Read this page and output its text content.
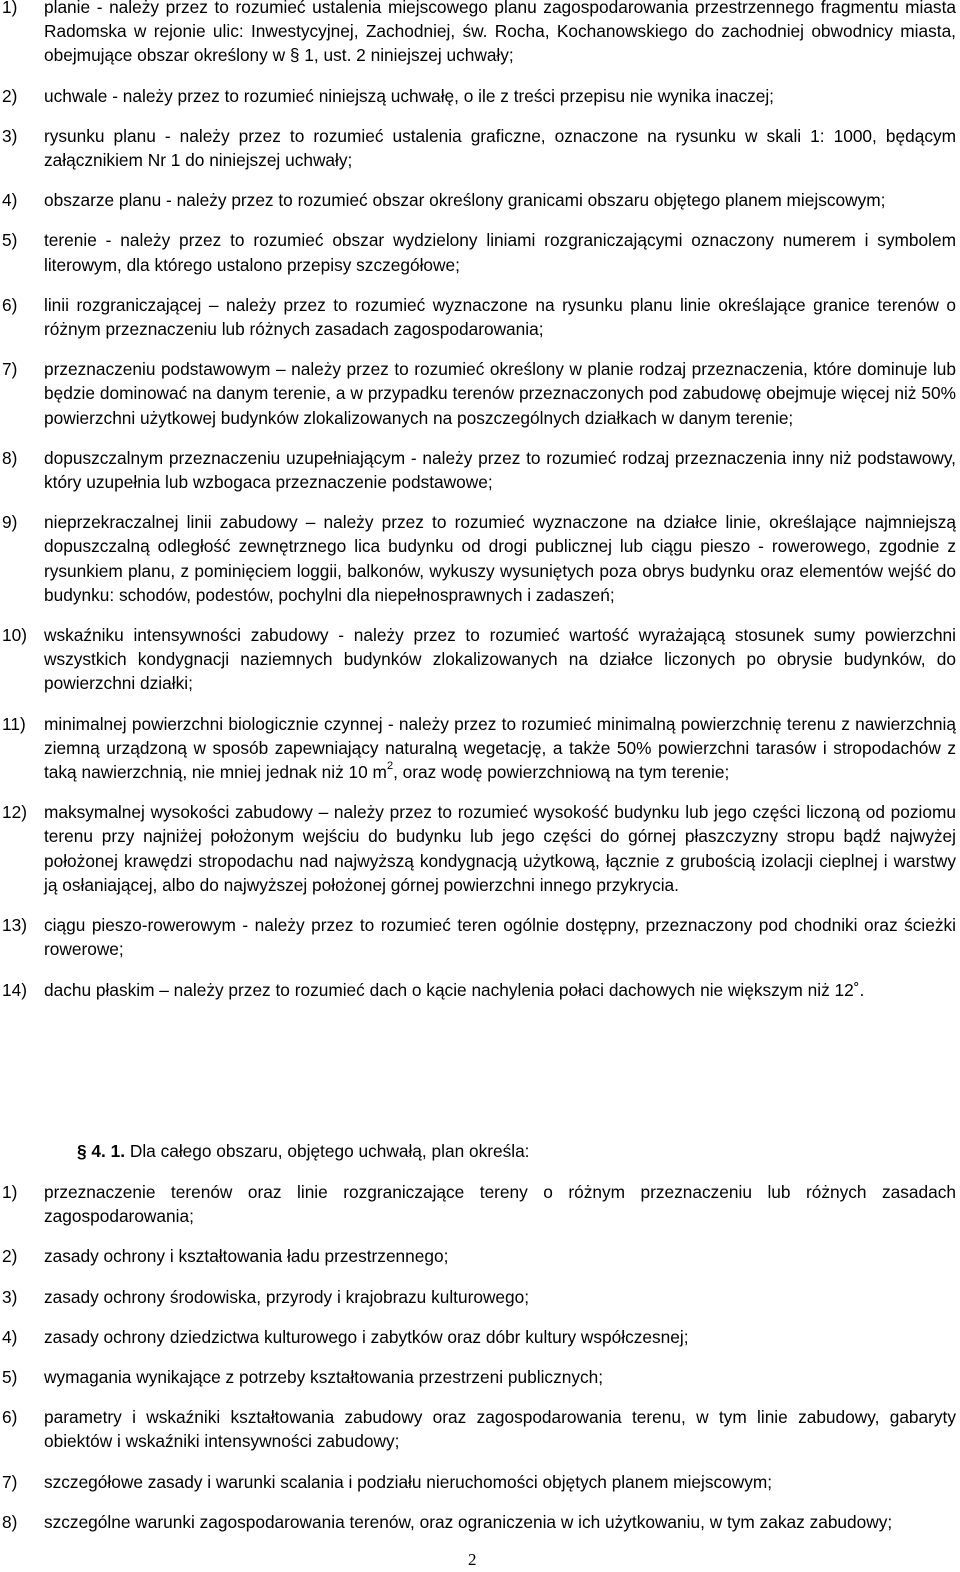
1) planie - należy przez to rozumieć ustalenia miejscowego planu zagospodarowania przestrzennego fragmentu miasta Radomska w rejonie ulic: Inwestycyjnej, Zachodniej, św. Rocha, Kochanowskiego do zachodniej obwodnicy miasta, obejmujące obszar określony w § 1, ust. 2 niniejszej uchwały;
2) uchwale - należy przez to rozumieć niniejszą uchwałę, o ile z treści przepisu nie wynika inaczej;
3) rysunku planu - należy przez to rozumieć ustalenia graficzne, oznaczone na rysunku w skali 1: 1000, będącym załącznikiem Nr 1 do niniejszej uchwały;
4) obszarze planu - należy przez to rozumieć obszar określony granicami obszaru objętego planem miejscowym;
5) terenie - należy przez to rozumieć obszar wydzielony liniami rozgraniczającymi oznaczony numerem i symbolem literowym, dla którego ustalono przepisy szczegółowe;
6) linii rozgraniczającej – należy przez to rozumieć wyznaczone na rysunku planu linie określające granice terenów o różnym przeznaczeniu lub różnych zasadach zagospodarowania;
7) przeznaczeniu podstawowym – należy przez to rozumieć określony w planie rodzaj przeznaczenia, które dominuje lub będzie dominować na danym terenie, a w przypadku terenów przeznaczonych pod zabudowę obejmuje więcej niż 50% powierzchni użytkowej budynków zlokalizowanych na poszczególnych działkach w danym terenie;
8) dopuszczalnym przeznaczeniu uzupełniającym - należy przez to rozumieć rodzaj przeznaczenia inny niż podstawowy, który uzupełnia lub wzbogaca przeznaczenie podstawowe;
9) nieprzekraczalnej linii zabudowy – należy przez to rozumieć wyznaczone na działce linie, określające najmniejszą dopuszczalną odległość zewnętrznego lica budynku od drogi publicznej lub ciągu pieszo - rowerowego, zgodnie z rysunkiem planu, z pominięciem loggii, balkonów, wykuszy wysuniętych poza obrys budynku oraz elementów wejść do budynku: schodów, podestów, pochylni dla niepełnosprawnych i zadaszeń;
10) wskaźniku intensywności zabudowy - należy przez to rozumieć wartość wyrażającą stosunek sumy powierzchni wszystkich kondygnacji naziemnych budynków zlokalizowanych na działce liczonych po obrysie budynków, do powierzchni działki;
11) minimalnej powierzchni biologicznie czynnej - należy przez to rozumieć minimalną powierzchnię terenu z nawierzchnią ziemną urządzoną w sposób zapewniający naturalną wegetację, a także 50% powierzchni tarasów i stropodachów z taką nawierzchnią, nie mniej jednak niż 10 $m^2$, oraz wodę powierzchniową na tym terenie;
12) maksymalnej wysokości zabudowy – należy przez to rozumieć wysokość budynku lub jego części liczoną od poziomu terenu przy najniżej położonym wejściu do budynku lub jego części do górnej płaszczyzny stropu bądź najwyżej położonej krawędzi stropodachu nad najwyższą kondygnacją użytkową, łącznie z grubością izolacji cieplnej i warstwy ją osłaniającej, albo do najwyższej położonej górnej powierzchni innego przykrycia.
13) ciągu pieszo-rowerowym - należy przez to rozumieć teren ogólnie dostępny, przeznaczony pod chodniki oraz ścieżki rowerowe;
14) dachu płaskim – należy przez to rozumieć dach o kącie nachylenia połaci dachowych nie większym niż 12˚.
§ 4. 1. Dla całego obszaru, objętego uchwałą, plan określa:
1) przeznaczenie terenów oraz linie rozgraniczające tereny o różnym przeznaczeniu lub różnych zasadach zagospodarowania;
2) zasady ochrony i kształtowania ładu przestrzennego;
3) zasady ochrony środowiska, przyrody i krajobrazu kulturowego;
4) zasady ochrony dziedzictwa kulturowego i zabytków oraz dóbr kultury współczesnej;
5) wymagania wynikające z potrzeby kształtowania przestrzeni publicznych;
6) parametry i wskaźniki kształtowania zabudowy oraz zagospodarowania terenu, w tym linie zabudowy, gabaryty obiektów i wskaźniki intensywności zabudowy;
7) szczegółowe zasady i warunki scalania i podziału nieruchomości objętych planem miejscowym;
8) szczególne warunki zagospodarowania terenów, oraz ograniczenia w ich użytkowaniu, w tym zakaz zabudowy;
2
